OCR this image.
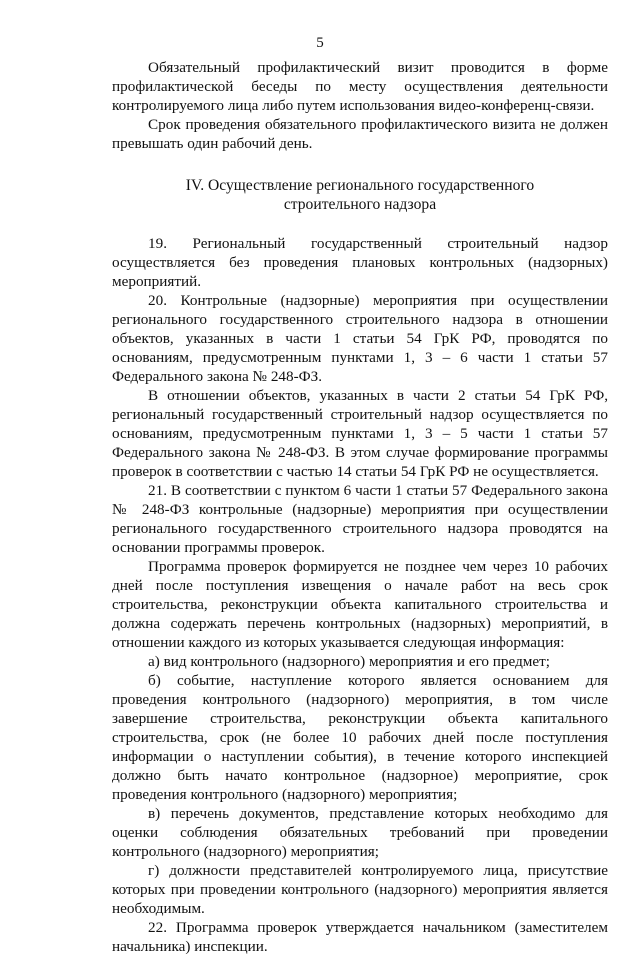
5

Обязательный профилактический визит проводится в форме профилактической беседы по месту осуществления деятельности контролируемого лица либо путем использования видео-конференц-связи.

Срок проведения обязательного профилактического визита не должен превышать один рабочий день.

IV. Осуществление регионального государственного строительного надзора

19. Региональный государственный строительный надзор осуществляется без проведения плановых контрольных (надзорных) мероприятий.

20. Контрольные (надзорные) мероприятия при осуществлении регионального государственного строительного надзора в отношении объектов, указанных в части 1 статьи 54 ГрК РФ, проводятся по основаниям, предусмотренным пунктами 1, 3 – 6 части 1 статьи 57 Федерального закона № 248-ФЗ.

В отношении объектов, указанных в части 2 статьи 54 ГрК РФ, региональный государственный строительный надзор осуществляется по основаниям, предусмотренным пунктами 1, 3 – 5 части 1 статьи 57 Федерального закона № 248-ФЗ. В этом случае формирование программы проверок в соответствии с частью 14 статьи 54 ГрК РФ не осуществляется.

21. В соответствии с пунктом 6 части 1 статьи 57 Федерального закона № 248-ФЗ контрольные (надзорные) мероприятия при осуществлении регионального государственного строительного надзора проводятся на основании программы проверок.

Программа проверок формируется не позднее чем через 10 рабочих дней после поступления извещения о начале работ на весь срок строительства, реконструкции объекта капитального строительства и должна содержать перечень контрольных (надзорных) мероприятий, в отношении каждого из которых указывается следующая информация:

а) вид контрольного (надзорного) мероприятия и его предмет;

б) событие, наступление которого является основанием для проведения контрольного (надзорного) мероприятия, в том числе завершение строительства, реконструкции объекта капитального строительства, срок (не более 10 рабочих дней после поступления информации о наступлении события), в течение которого инспекцией должно быть начато контрольное (надзорное) мероприятие, срок проведения контрольного (надзорного) мероприятия;

в) перечень документов, представление которых необходимо для оценки соблюдения обязательных требований при проведении контрольного (надзорного) мероприятия;

г) должности представителей контролируемого лица, присутствие которых при проведении контрольного (надзорного) мероприятия является необходимым.

22. Программа проверок утверждается начальником (заместителем начальника) инспекции.
